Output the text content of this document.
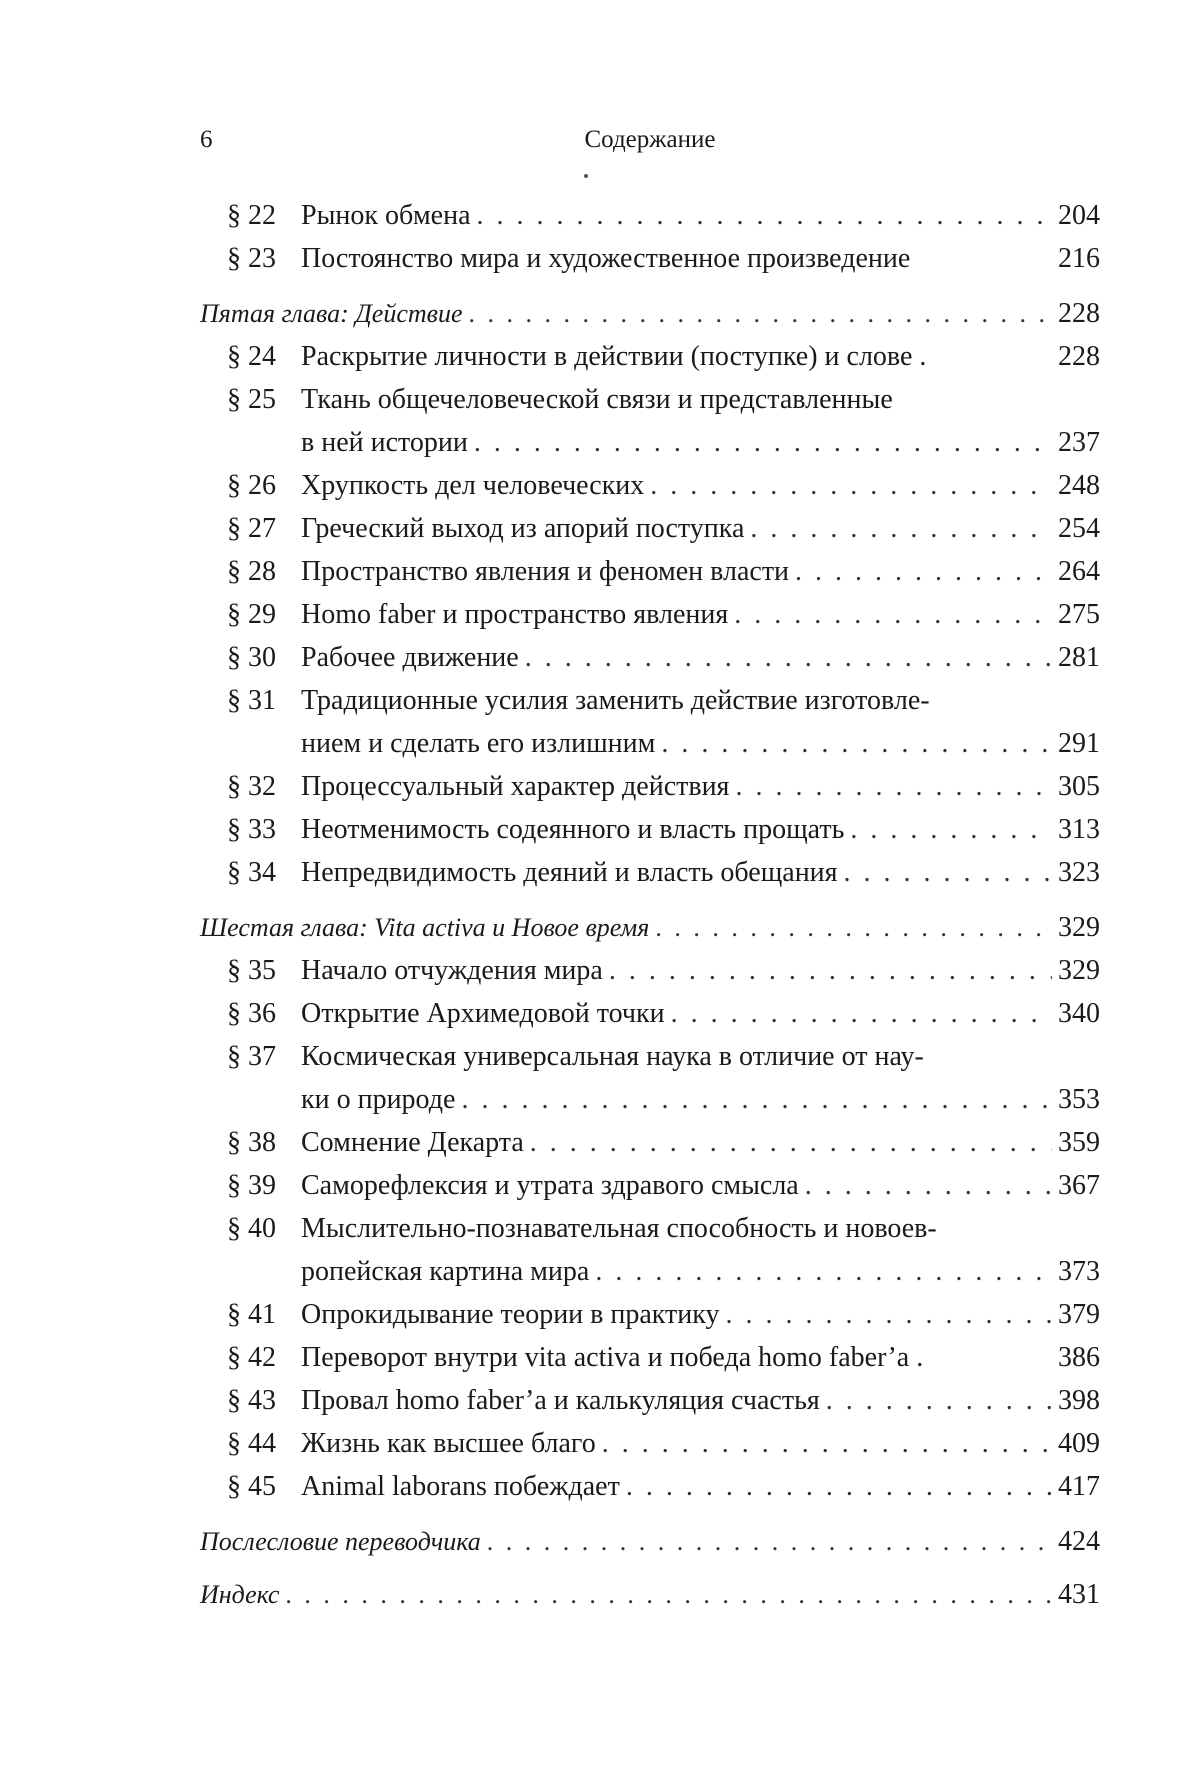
6	Содержание
§ 22 Рынок обмена . . .	204
§ 23 Постоянство мира и художественное произведение	216
Пятая глава: Действие . . .	228
§ 24 Раскрытие личности в действии (поступке) и слове .	228
§ 25 Ткань общечеловеческой связи и представленные
в ней истории . . .	237
§ 26 Хрупкость дел человеческих . . .	248
§ 27 Греческий выход из апорий поступка . . .	254
§ 28 Пространство явления и феномен власти . . .	264
§ 29 Homo faber и пространство явления . . .	275
§ 30 Рабочее движение . . .	281
§ 31 Традиционные усилия заменить действие изготовле-
нием и сделать его излишним . . .	291
§ 32 Процессуальный характер действия . . .	305
§ 33 Неотменимость содеянного и власть прощать . . .	313
§ 34 Непредвидимость деяний и власть обещания . . .	323
Шестая глава: Vita activa и Новое время . . .	329
§ 35 Начало отчуждения мира . . .	329
§ 36 Открытие Архимедовой точки . . .	340
§ 37 Космическая универсальная наука в отличие от нау-
ки о природе . . .	353
§ 38 Сомнение Декарта . . .	359
§ 39 Саморефлексия и утрата здравого смысла . . .	367
§ 40 Мыслительно-познавательная способность и новоев-
ропейская картина мира . . .	373
§ 41 Опрокидывание теории в практику . . .	379
§ 42 Переворот внутри vita activa и победа homo faber’a .	386
§ 43 Провал homo faber’a и калькуляция счастья . . .	398
§ 44 Жизнь как высшее благо . . .	409
§ 45 Animal laborans побеждает . . .	417
Послесловие переводчика . . .	424
Индекс . . .	431
